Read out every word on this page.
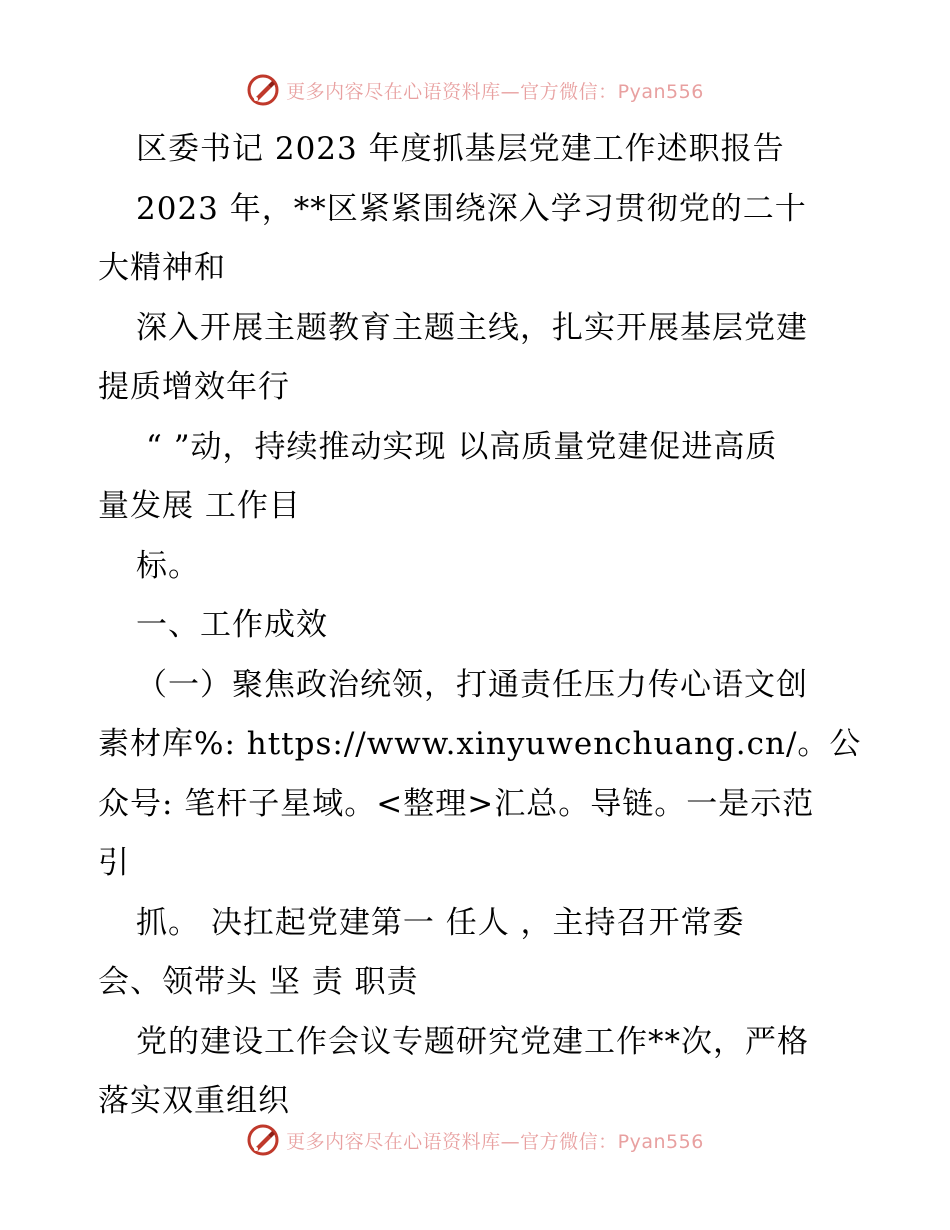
更多内容尽在心语资料库—官方微信：Pyan556
区委书记 2023 年度抓基层党建工作述职报告
2023 年，**区紧紧围绕深入学习贯彻党的二十
大精神和
深入开展主题教育主题主线，扎实开展基层党建
提质增效年行
“ ”动，持续推动实现 以高质量党建促进高质
量发展 工作目
标。
一、工作成效
（一）聚焦政治统领，打通责任压力传心语文创
素材库%: https://www.xinyuwenchuang.cn/。公
众号: 笔杆子星域。<整理>汇总。导链。一是示范
引
抓。 决扛起党建第一 任人 ，主持召开常委
会、领带头 坚 责 职责
党的建设工作会议专题研究党建工作**次，严格
落实双重组织
更多内容尽在心语资料库—官方微信：Pyan556
